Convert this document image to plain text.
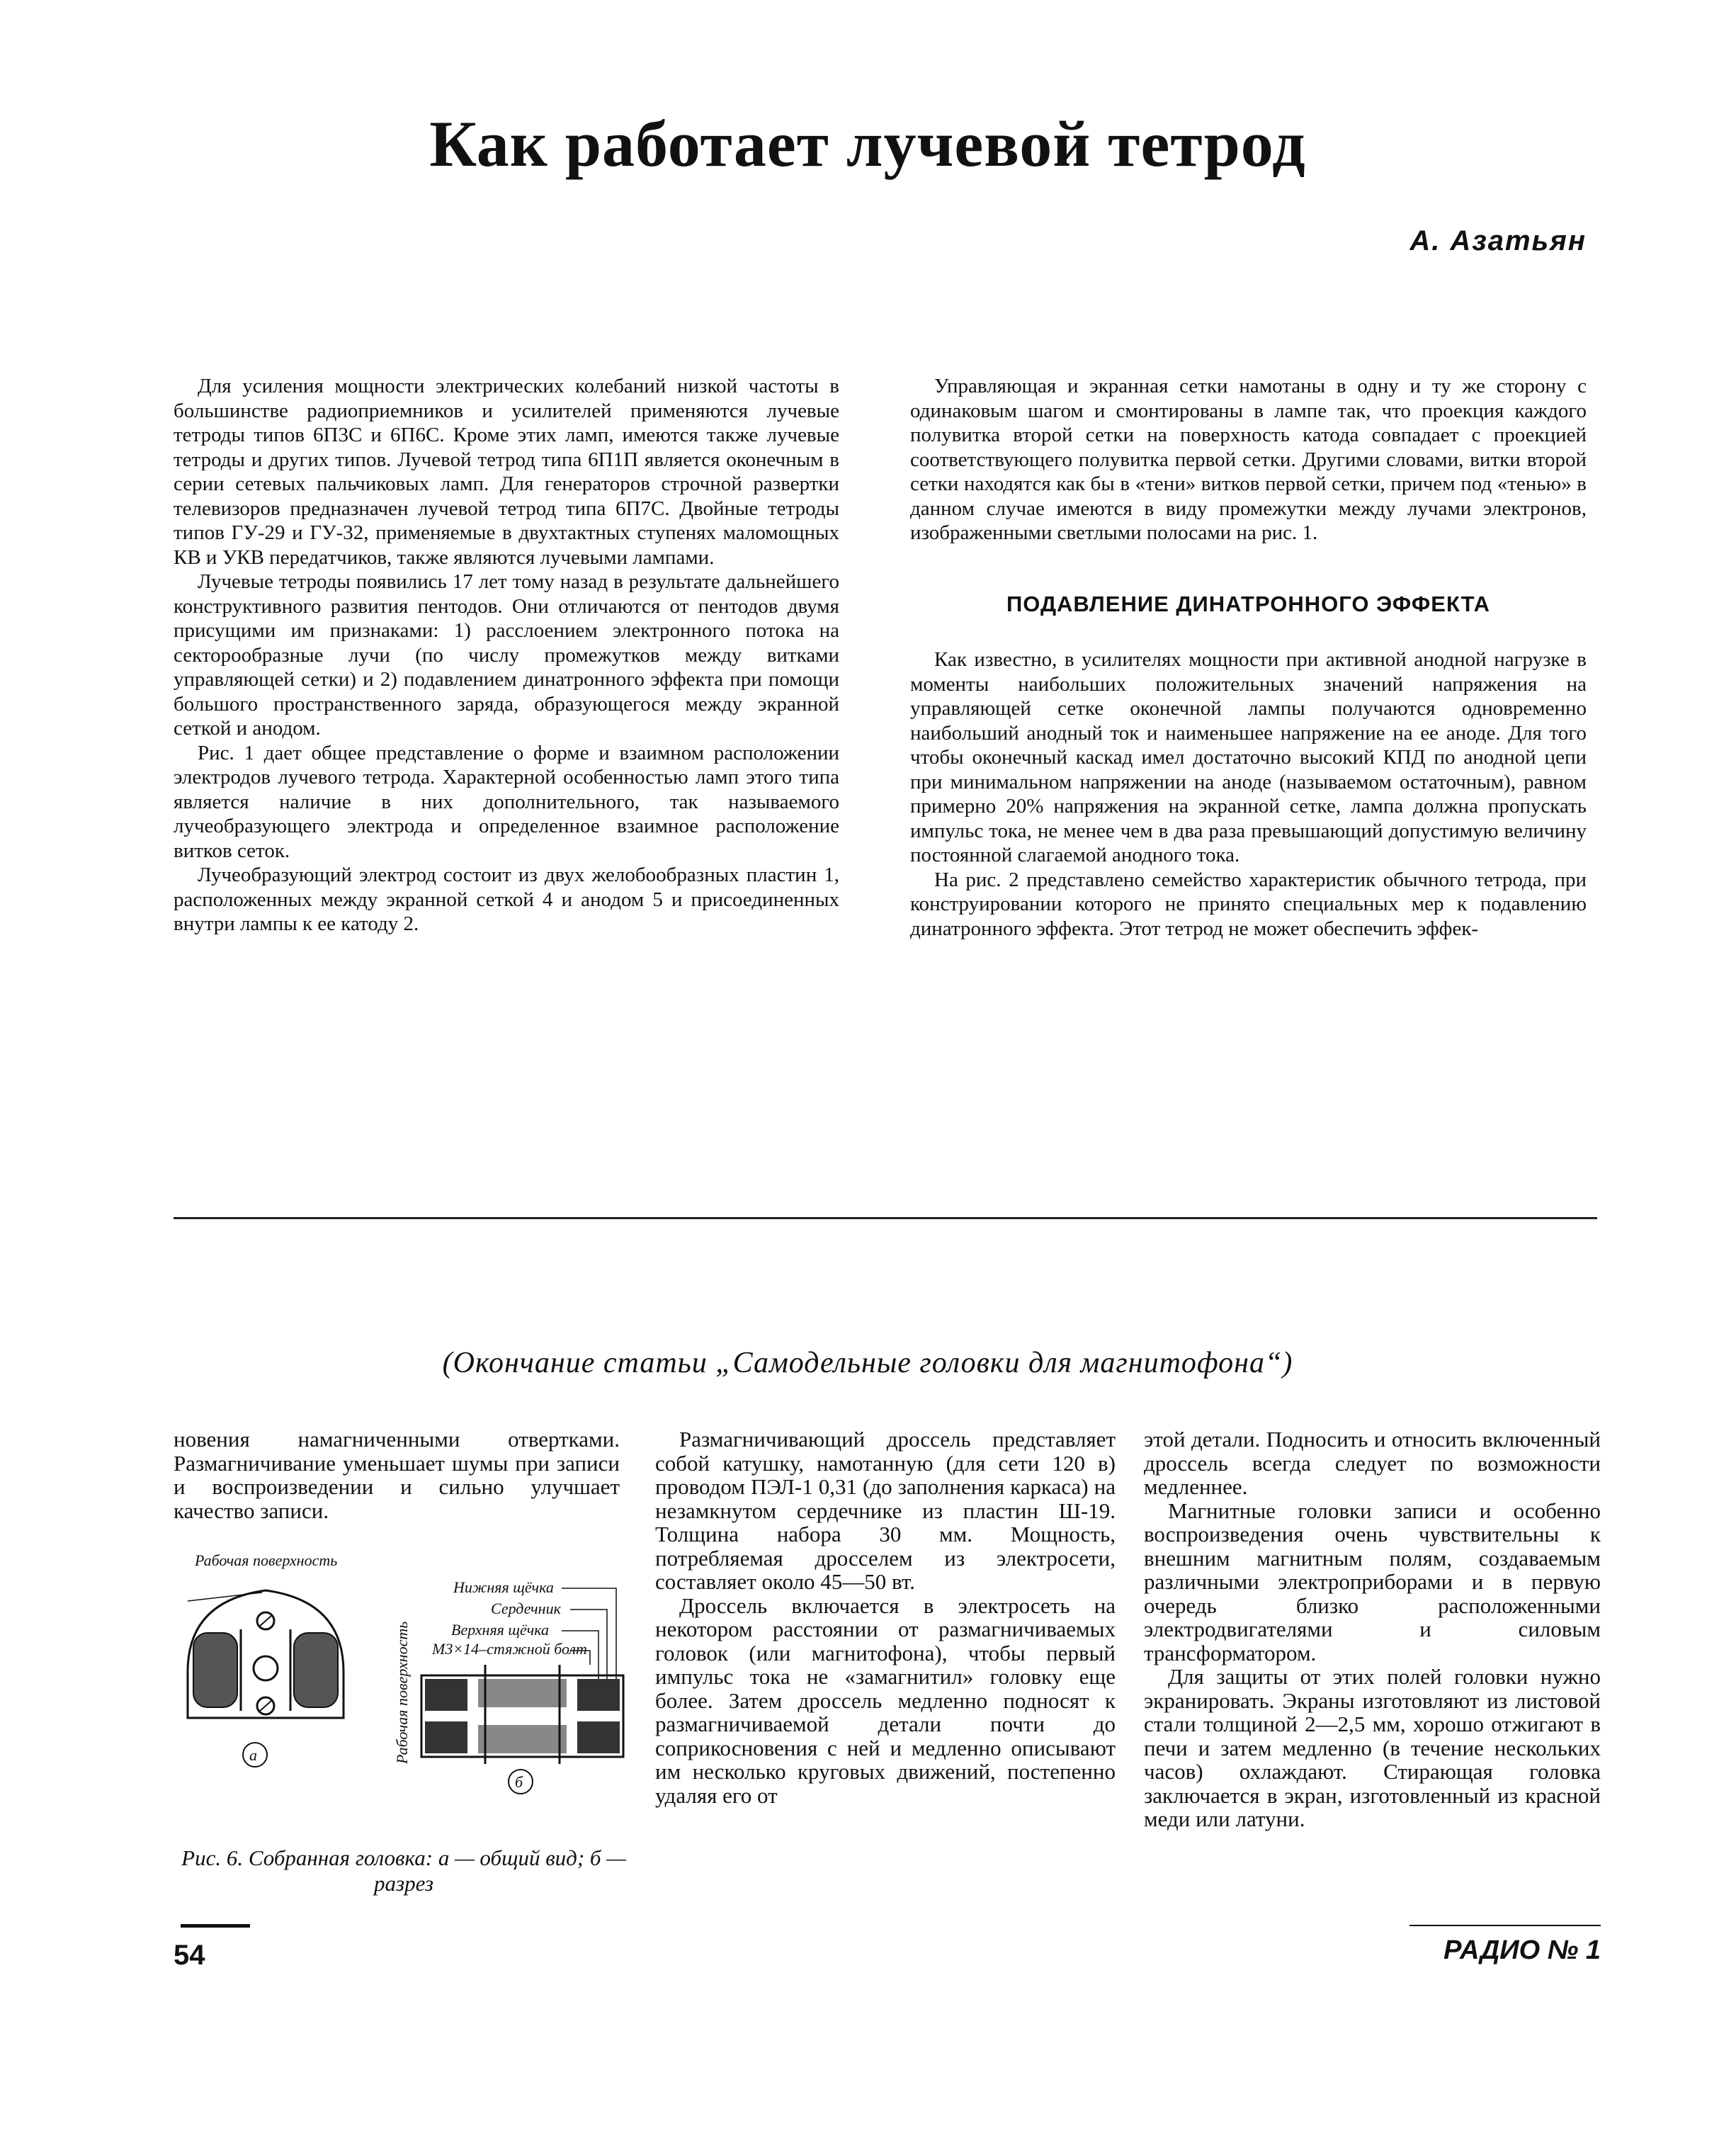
Как работает лучевой тетрод
А. Азатьян

Для усиления мощности электрических колебаний низкой частоты в большинстве радиоприемников и усилителей применяются лучевые тетроды типов 6П3С и 6П6С. Кроме этих ламп, имеются также лучевые тетроды и других типов. Лучевой тетрод типа 6П1П является оконечным в серии сетевых пальчиковых ламп. Для генераторов строчной развертки телевизоров предназначен лучевой тетрод типа 6П7С. Двойные тетроды типов ГУ-29 и ГУ-32, применяемые в двухтактных ступенях маломощных КВ и УКВ передатчиков, также являются лучевыми лампами.

Лучевые тетроды появились 17 лет тому назад в результате дальнейшего конструктивного развития пентодов. Они отличаются от пентодов двумя присущими им признаками: 1) расслоением электронного потока на секторообразные лучи (по числу промежутков между витками управляющей сетки) и 2) подавлением динатронного эффекта при помощи большого пространственного заряда, образующегося между экранной сеткой и анодом.

Рис. 1 дает общее представление о форме и взаимном расположении электродов лучевого тетрода. Характерной особенностью ламп этого типа является наличие в них дополнительного, так называемого лучеобразующего электрода и определенное взаимное расположение витков сеток.

Лучеобразующий электрод состоит из двух желобообразных пластин 1, расположенных между экранной сеткой 4 и анодом 5 и присоединенных внутри лампы к ее катоду 2.

Управляющая и экранная сетки намотаны в одну и ту же сторону с одинаковым шагом и смонтированы в лампе так, что проекция каждого полувитка второй сетки на поверхность катода совпадает с проекцией соответствующего полувитка первой сетки. Другими словами, витки второй сетки находятся как бы в «тени» витков первой сетки, причем под «тенью» в данном случае имеются в виду промежутки между лучами электронов, изображенными светлыми полосами на рис. 1.

ПОДАВЛЕНИЕ ДИНАТРОННОГО ЭФФЕКТА

Как известно, в усилителях мощности при активной анодной нагрузке в моменты наибольших положительных значений напряжения на управляющей сетке оконечной лампы получаются одновременно наибольший анодный ток и наименьшее напряжение на ее аноде. Для того чтобы оконечный каскад имел достаточно высокий КПД по анодной цепи при минимальном напряжении на аноде (называемом остаточным), равном примерно 20% напряжения на экранной сетке, лампа должна пропускать импульс тока, не менее чем в два раза превышающий допустимую величину постоянной слагаемой анодного тока.

На рис. 2 представлено семейство характеристик обычного тетрода, при конструировании которого не принято специальных мер к подавлению динатронного эффекта. Этот тетрод не может обеспечить эффек-

(Окончание статьи „Самодельные головки для магнитофона“)

новения намагниченными отвертками. Размагничивание уменьшает шумы при записи и воспроизведении и сильно улучшает качество записи.

Рабочая поверхность
а	Рабочая поверхность
б
Нижняя щёчка
Сердечник
Верхняя щёчка
М3×14–стяжной болт
Рис. 6. Собранная головка: а — общий вид; б — разрез

Размагничивающий дроссель представляет собой катушку, намотанную (для сети 120 в) проводом ПЭЛ-1 0,31 (до заполнения каркаса) на незамкнутом сердечнике из пластин Ш-19. Толщина набора 30 мм. Мощность, потребляемая дросселем из электросети, составляет около 45—50 вт.

Дроссель включается в электросеть на некотором расстоянии от размагничиваемых головок (или магнитофона), чтобы первый импульс тока не «замагнитил» головку еще более. Затем дроссель медленно подносят к размагничиваемой детали почти до соприкосновения с ней и медленно описывают им несколько круговых движений, постепенно удаляя его от

этой детали. Подносить и относить включенный дроссель всегда следует по возможности медленнее.

Магнитные головки записи и особенно воспроизведения очень чувствительны к внешним магнитным полям, создаваемым различными электроприборами и в первую очередь близко расположенными электродвигателями и силовым трансформатором.

Для защиты от этих полей головки нужно экранировать. Экраны изготовляют из листовой стали толщиной 2—2,5 мм, хорошо отжигают в печи и затем медленно (в течение нескольких часов) охлаждают. Стирающая головка заключается в экран, изготовленный из красной меди или латуни.

54	РАДИО № 1
